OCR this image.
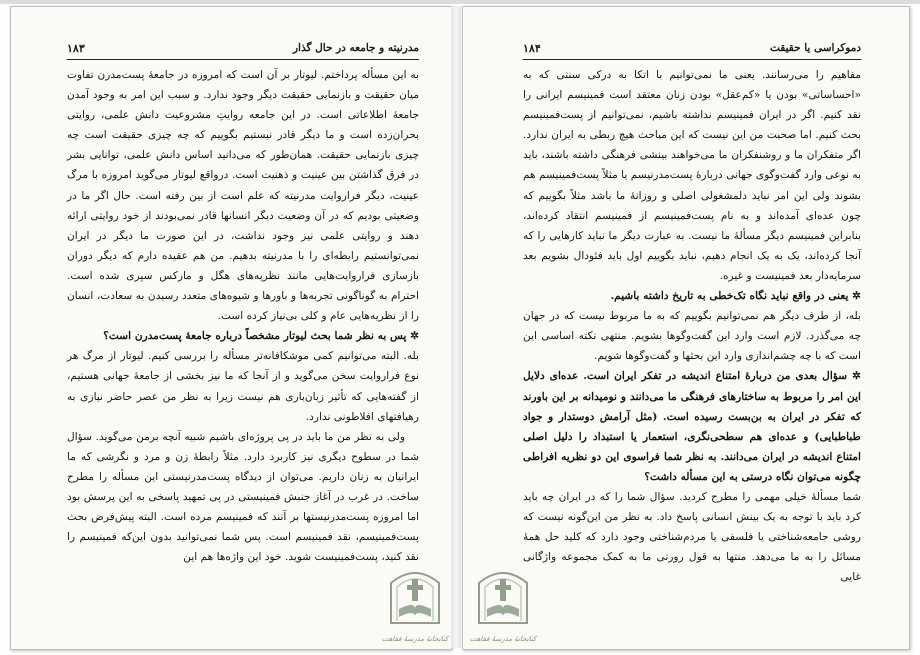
مدرنیته و جامعه در حال گذار
۱۸۳

به این مسأله پرداختم. لیوتار بر آن است که امروزه در جامعهٔ پست‌مدرن تفاوت میان حقیقت و بازنمایی حقیقت دیگر وجود ندارد. و سبب این امر به وجود آمدن جامعهٔ اطلاعاتی است. در این جامعه روایتِ مشروعیت دانش علمی، روایتی بحران‌زده است و ما دیگر قادر نیستیم بگوییم که چه چیزی حقیقت است چه چیزی بازنمایی حقیقت. همان‌طور که می‌دانید اساس دانش علمی، توانایی بشر در فرق گذاشتن بین عینیت و ذهنیت است. درواقع لیوتار می‌گوید امروزه با مرگ عینیت، دیگر فراروایت مدرنیته که علم است از بین رفته است. حال اگر ما در وضعیتی بودیم که در آن وضعیت دیگر انسانها قادر نمی‌بودند از خود روایتی ارائه دهند و روایتی علمی نیز وجود نداشت، در این صورت ما دیگر در ایران نمی‌توانستیم رابطه‌ای را با مدرنیته بدهیم. من هم عقیده دارم که دیگر دوران بازسازی فراروایت‌هایی مانند نظریه‌های هگل و مارکس سپری شده است. احترام به گوناگونی تجربه‌ها و باورها و شیوه‌های متعدد رسیدن به سعادت، انسان را از نظریه‌هایی عام و کلی بی‌نیاز کرده است.

✲ پس به نظر شما بحث لیوتار مشخصاً درباره جامعهٔ پست‌مدرن است؟

بله. البته می‌توانیم کمی موشکافانه‌تر مسأله را بررسی کنیم. لیوتار از مرگ هر نوع فراروایت سخن می‌گوید و از آنجا که ما نیز بخشی از جامعهٔ جهانی هستیم، از گفته‌هایی که تأثیر زبان‌باری هم نیست زیرا به نظر من عصر حاضر نیازی به رهیافتهای افلاطونی ندارد.

ولی به نظر من ما باید در پی پروژه‌ای باشیم شبیه آنچه برمن می‌گوید. سؤال شما در سطوح دیگری نیز کاربرد دارد. مثلاً رابطهٔ زن و مرد و نگرشی که ما ایرانیان به زنان داریم. می‌توان از دیدگاه پست‌مدرنیستی این مسأله را مطرح ساخت. در غرب در آغاز جنبش فمینیستی در پی تمهید پاسخی به این پرسش بود اما امروزه پست‌مدرنیستها بر آنند که فمینیسم مرده است. البته پیش‌فرض بحث پست‌فمینیسم، نقد فمینیسم است. پس شما نمی‌توانید بدون این‌که فمینیسم را نقد کنید، پست‌فمینیست شوید. خود این واژه‌ها هم این

کتابخانهٔ مدرسهٔ فقاهت
دموکراسی یا حقیقت
۱۸۴

مفاهیم را می‌رسانند. یعنی ما نمی‌توانیم با اتکا به درکی سنتی که به «احساساتی» بودن یا «کم‌عقل» بودن زنان معتقد است فمینیسم ایرانی را نقد کنیم. اگر در ایران فمینیسم نداشته باشیم، نمی‌توانیم از پست‌فمینیسم بحث کنیم. اما صحبت من این نیست که این مباحث هیچ ربطی به ایران ندارد. اگر متفکران ما و روشنفکران ما می‌خواهند بینشی فرهنگی داشته باشند، باید به نوعی وارد گفت‌وگوی جهانی دربارهٔ پست‌مدرنیسم یا مثلاً پست‌فمینیسم هم بشوند ولی این امر نباید دلمشغولی اصلی و روزانهٔ ما باشد مثلاً بگوییم که چون عده‌ای آمده‌اند و به نام پست‌فمینیسم از فمینیسم انتقاد کرده‌اند، بنابراین فمینیسم دیگر مسألهٔ ما نیست. به عبارت دیگر ما نباید کارهایی را که آنجا کرده‌اند، یک به یک انجام دهیم، نباید بگوییم اول باید فئودال بشویم بعد سرمایه‌دار بعد فمینیست و غیره.

✲ یعنی در واقع نباید نگاه تک‌خطی به تاریخ داشته باشیم.

بله، از طرف دیگر هم نمی‌توانیم بگوییم که به ما مربوط نیست که در جهان چه می‌گذرد. لازم است وارد این گفت‌وگوها بشویم. منتهی نکته اساسی این است که با چه چشم‌اندازی وارد این بحثها و گفت‌وگوها شویم.

✲ سؤال بعدی من دربارهٔ امتناع اندیشه در تفکر ایران است. عده‌ای دلایل این امر را مربوط به ساختارهای فرهنگی ما می‌دانند و نومیدانه بر این باورند که تفکر در ایران به بن‌بست رسیده است. (مثل آرامش دوستدار و جواد طباطبایی) و عده‌ای هم سطحی‌نگری، استعمار یا استبداد را دلیل اصلی امتناع اندیشه در ایران می‌دانند. به نظر شما فراسوی این دو نظریه افراطی چگونه می‌توان نگاه درستی به این مسأله داشت؟

شما مسألهٔ خیلی مهمی را مطرح کردید. سؤال شما را که در ایران چه باید کرد باید با توجه به یک بینش انسانی پاسخ داد. به نظر من این‌گونه نیست که روشی جامعه‌شناختی یا فلسفی یا مردم‌شناختی وجود دارد که کلید حل همهٔ مسائل را به ما می‌دهد. منتها به قول رورتی ما به کمک مجموعه واژگانی غایی

کتابخانهٔ مدرسهٔ فقاهت
